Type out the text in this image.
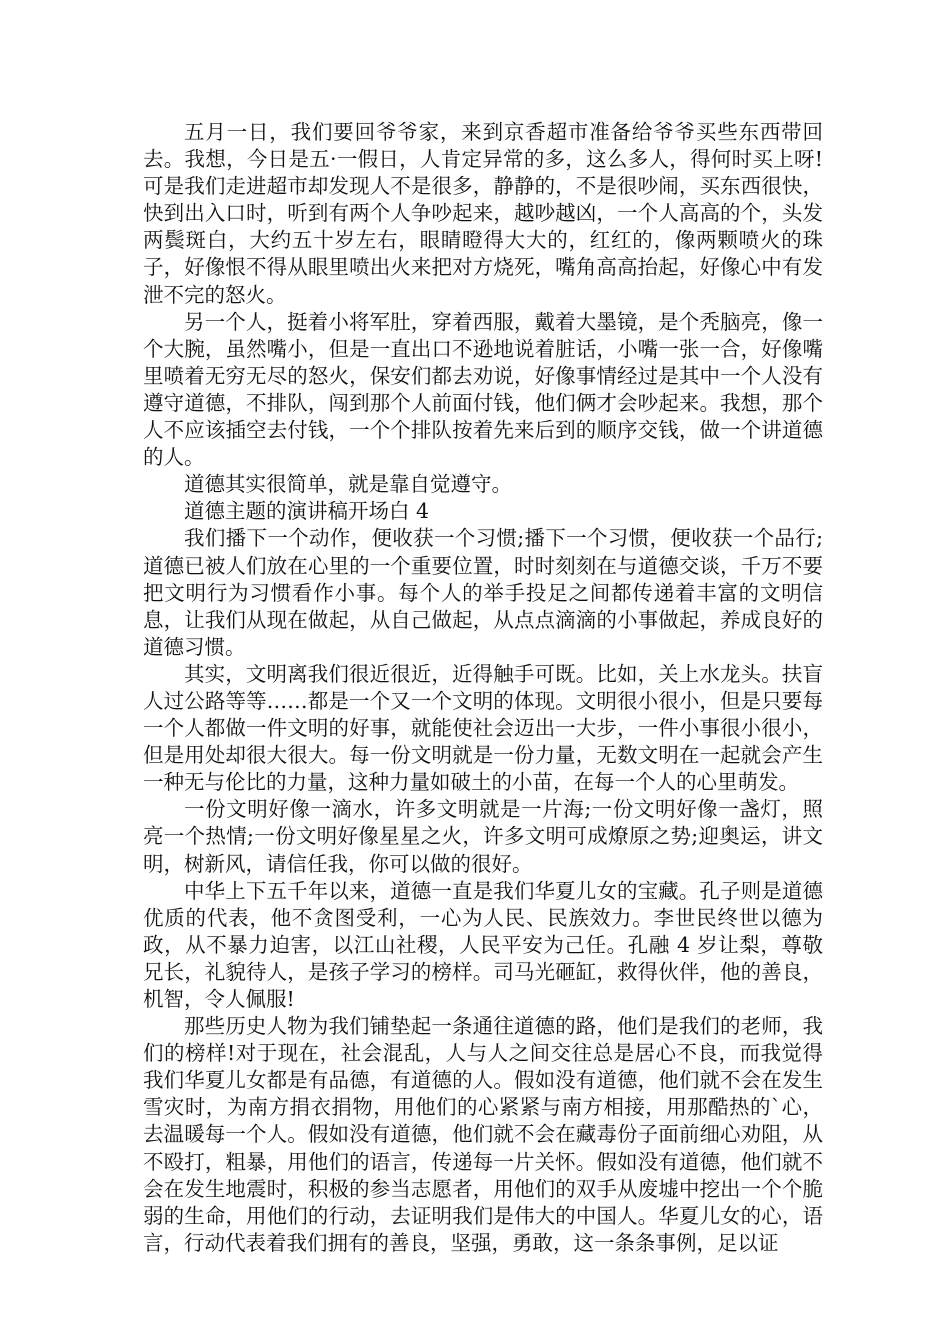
五月一日，我们要回爷爷家，来到京香超市准备给爷爷买些东西带回去。我想，今日是五·一假日，人肯定异常的多，这么多人，得何时买上呀!可是我们走进超市却发现人不是很多，静静的，不是很吵闹，买东西很快，快到出入口时，听到有两个人争吵起来，越吵越凶，一个人高高的个，头发两鬓斑白，大约五十岁左右，眼睛瞪得大大的，红红的，像两颗喷火的珠子，好像恨不得从眼里喷出火来把对方烧死，嘴角高高抬起，好像心中有发泄不完的怒火。

另一个人，挺着小将军肚，穿着西服，戴着大墨镜，是个秃脑亮，像一个大腕，虽然嘴小，但是一直出口不逊地说着脏话，小嘴一张一合，好像嘴里喷着无穷无尽的怒火，保安们都去劝说，好像事情经过是其中一个人没有遵守道德，不排队，闯到那个人前面付钱，他们俩才会吵起来。我想，那个人不应该插空去付钱，一个个排队按着先来后到的顺序交钱，做一个讲道德的人。

道德其实很简单，就是靠自觉遵守。

道德主题的演讲稿开场白 4

我们播下一个动作，便收获一个习惯;播下一个习惯，便收获一个品行;道德已被人们放在心里的一个重要位置，时时刻刻在与道德交谈，千万不要把文明行为习惯看作小事。每个人的举手投足之间都传递着丰富的文明信息，让我们从现在做起，从自己做起，从点点滴滴的小事做起，养成良好的道德习惯。

其实，文明离我们很近很近，近得触手可既。比如，关上水龙头。扶盲人过公路等等……都是一个又一个文明的体现。文明很小很小，但是只要每一个人都做一件文明的好事，就能使社会迈出一大步，一件小事很小很小，但是用处却很大很大。每一份文明就是一份力量，无数文明在一起就会产生一种无与伦比的力量，这种力量如破土的小苗，在每一个人的心里萌发。

一份文明好像一滴水，许多文明就是一片海;一份文明好像一盏灯，照亮一个热情;一份文明好像星星之火，许多文明可成燎原之势;迎奥运，讲文明，树新风，请信任我，你可以做的很好。

中华上下五千年以来，道德一直是我们华夏儿女的宝藏。孔子则是道德优质的代表，他不贪图受利，一心为人民、民族效力。李世民终世以德为政，从不暴力迫害，以江山社稷，人民平安为己任。孔融 4 岁让梨，尊敬兄长，礼貌待人，是孩子学习的榜样。司马光砸缸，救得伙伴，他的善良，机智，令人佩服!

那些历史人物为我们铺垫起一条通往道德的路，他们是我们的老师，我们的榜样!对于现在，社会混乱，人与人之间交往总是居心不良，而我觉得我们华夏儿女都是有品德，有道德的人。假如没有道德，他们就不会在发生雪灾时，为南方捐衣捐物，用他们的心紧紧与南方相接，用那酷热的`心，去温暖每一个人。假如没有道德，他们就不会在藏毒份子面前细心劝阻，从不殴打，粗暴，用他们的语言，传递每一片关怀。假如没有道德，他们就不会在发生地震时，积极的参当志愿者，用他们的双手从废墟中挖出一个个脆弱的生命，用他们的行动，去证明我们是伟大的中国人。华夏儿女的心，语言，行动代表着我们拥有的善良，坚强，勇敢，这一条条事例，足以证
